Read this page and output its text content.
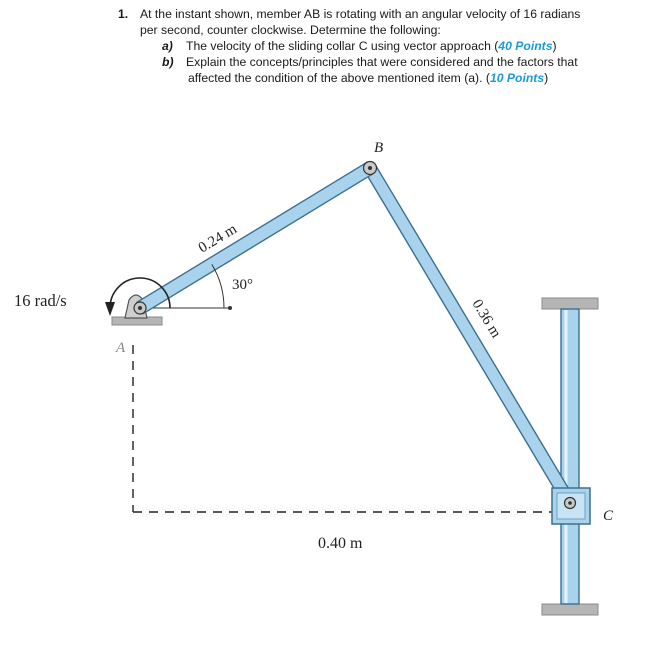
1. At the instant shown, member AB is rotating with an angular velocity of 16 radians
per second, counter clockwise. Determine the following:
a) The velocity of the sliding collar C using vector approach (40 Points)
b) Explain the concepts/principles that were considered and the factors that
affected the condition of the above mentioned item (a). (10 Points)
16 rad/s
A
B
C
0.24 m
0.36 m
0.40 m
30°
